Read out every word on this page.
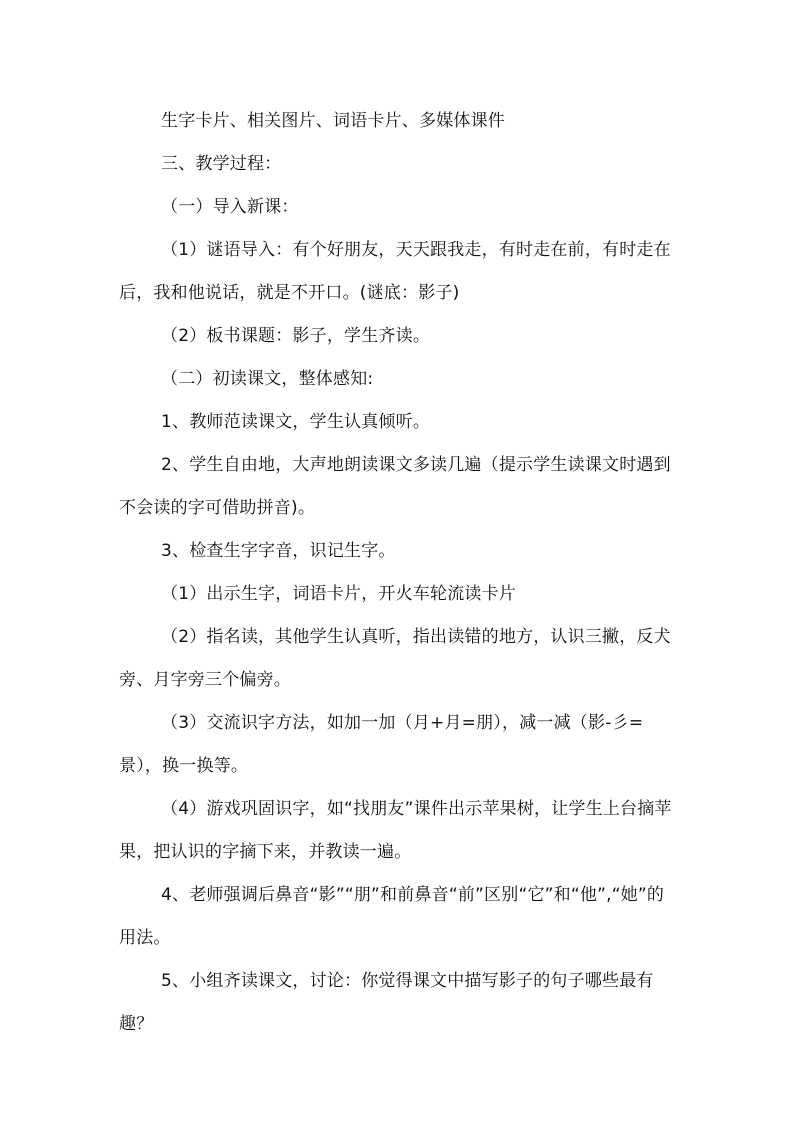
生字卡片、相关图片、词语卡片、多媒体课件

三、教学过程：

（一）导入新课：

（1）谜语导入：有个好朋友，天天跟我走，有时走在前，有时走在后，我和他说话，就是不开口。(谜底：影子)

（2）板书课题：影子，学生齐读。

（二）初读课文，整体感知:

1、教师范读课文，学生认真倾听。

2、学生自由地，大声地朗读课文多读几遍（提示学生读课文时遇到不会读的字可借助拼音)。

3、检查生字字音，识记生字。

（1）出示生字，词语卡片，开火车轮流读卡片

（2）指名读，其他学生认真听，指出读错的地方，认识三撇，反犬旁、月字旁三个偏旁。

（3）交流识字方法，如加一加（月+月=朋），减一减（影-彡=景），换一换等。

（4）游戏巩固识字，如“找朋友”课件出示苹果树，让学生上台摘苹果，把认识的字摘下来，并教读一遍。

4、老师强调后鼻音“影”“朋”和前鼻音“前”区别“它”和“他”,“她”的用法。

5、小组齐读课文，讨论：你觉得课文中描写影子的句子哪些最有趣？
